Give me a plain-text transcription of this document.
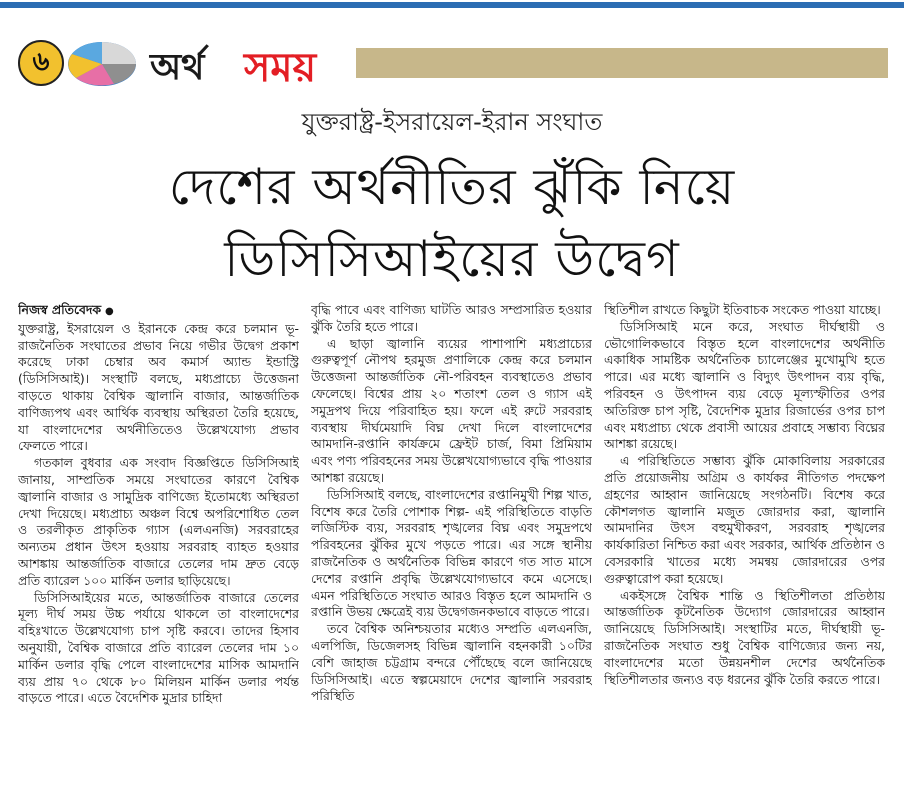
৬	অর্থ সময়
যুক্তরাষ্ট্র-ইসরায়েল-ইরান সংঘাত
দেশের অর্থনীতির ঝুঁকি নিয়ে
ডিসিসিআইয়ের উদ্বেগ
নিজস্ব প্রতিবেদক ●

যুক্তরাষ্ট্র, ইসরায়েল ও ইরানকে কেন্দ্র করে চলমান ভূ-রাজনৈতিক সংঘাতের প্রভাব নিয়ে গভীর উদ্বেগ প্রকাশ করেছে ঢাকা চেম্বার অব কমার্স অ্যান্ড ইন্ডাস্ট্রি (ডিসিসিআই)। সংস্থাটি বলছে, মধ্যপ্রাচ্যে উত্তেজনা বাড়তে থাকায় বৈশ্বিক জ্বালানি বাজার, আন্তর্জাতিক বাণিজ্যপথ এবং আর্থিক ব্যবস্থায় অস্থিরতা তৈরি হয়েছে, যা বাংলাদেশের অর্থনীতিতেও উল্লেখযোগ্য প্রভাব ফেলতে পারে।

গতকাল বুধবার এক সংবাদ বিজ্ঞপ্তিতে ডিসিসিআই জানায়, সাম্প্রতিক সময়ে সংঘাতের কারণে বৈশ্বিক জ্বালানি বাজার ও সামুদ্রিক বাণিজ্যে ইতোমধ্যে অস্থিরতা দেখা দিয়েছে। মধ্যপ্রাচ্য অঞ্চল বিশ্বে অপরিশোধিত তেল ও তরলীকৃত প্রাকৃতিক গ্যাস (এলএনজি) সরবরাহের অন্যতম প্রধান উৎস হওয়ায় সরবরাহ ব্যাহত হওয়ার আশঙ্কায় আন্তর্জাতিক বাজারে তেলের দাম দ্রুত বেড়ে প্রতি ব্যারেল ১০০ মার্কিন ডলার ছাড়িয়েছে।

ডিসিসিআইয়ের মতে, আন্তর্জাতিক বাজারে তেলের মূল্য দীর্ঘ সময় উচ্চ পর্যায়ে থাকলে তা বাংলাদেশের বহিঃখাতে উল্লেখযোগ্য চাপ সৃষ্টি করবে। তাদের হিসাব অনুযায়ী, বৈশ্বিক বাজারে প্রতি ব্যারেল তেলের দাম ১০ মার্কিন ডলার বৃদ্ধি পেলে বাংলাদেশের মাসিক আমদানি ব্যয় প্রায় ৭০ থেকে ৮০ মিলিয়ন মার্কিন ডলার পর্যন্ত বাড়তে পারে। এতে বৈদেশিক মুদ্রার চাহিদা

বৃদ্ধি পাবে এবং বাণিজ্য ঘাটতি আরও সম্প্রসারিত হওয়ার ঝুঁকি তৈরি হতে পারে।

এ ছাড়া জ্বালানি ব্যয়ের পাশাপাশি মধ্যপ্রাচ্যের গুরুত্বপূর্ণ নৌপথ হরমুজ প্রণালিকে কেন্দ্র করে চলমান উত্তেজনা আন্তর্জাতিক নৌ-পরিবহন ব্যবস্থাতেও প্রভাব ফেলেছে। বিশ্বের প্রায় ২০ শতাংশ তেল ও গ্যাস এই সমুদ্রপথ দিয়ে পরিবাহিত হয়। ফলে এই রুটে সরবরাহ ব্যবস্থায় দীর্ঘমেয়াদি বিঘ্ন দেখা দিলে বাংলাদেশের আমদানি-রপ্তানি কার্যক্রমে ফ্রেইট চার্জ, বিমা প্রিমিয়াম এবং পণ্য পরিবহনের সময় উল্লেখযোগ্যভাবে বৃদ্ধি পাওয়ার আশঙ্কা রয়েছে।

ডিসিসিআই বলছে, বাংলাদেশের রপ্তানিমুখী শিল্প খাত, বিশেষ করে তৈরি পোশাক শিল্প- এই পরিস্থিতিতে বাড়তি লজিস্টিক ব্যয়, সরবরাহ শৃঙ্খলের বিঘ্ন এবং সমুদ্রপথে পরিবহনের ঝুঁকির মুখে পড়তে পারে। এর সঙ্গে স্থানীয় রাজনৈতিক ও অর্থনৈতিক বিভিন্ন কারণে গত সাত মাসে দেশের রপ্তানি প্রবৃদ্ধি উল্লেখযোগ্যভাবে কমে এসেছে। এমন পরিস্থিতিতে সংঘাত আরও বিস্তৃত হলে আমদানি ও রপ্তানি উভয় ক্ষেত্রেই ব্যয় উদ্বেগজনকভাবে বাড়তে পারে।

তবে বৈশ্বিক অনিশ্চয়তার মধ্যেও সম্প্রতি এলএনজি, এলপিজি, ডিজেলসহ বিভিন্ন জ্বালানি বহনকারী ১০টির বেশি জাহাজ চট্টগ্রাম বন্দরে পৌঁছেছে বলে জানিয়েছে ডিসিসিআই। এতে স্বল্পমেয়াদে দেশের জ্বালানি সরবরাহ পরিস্থিতি

স্থিতিশীল রাখতে কিছুটা ইতিবাচক সংকেত পাওয়া যাচ্ছে।

ডিসিসিআই মনে করে, সংঘাত দীর্ঘস্থায়ী ও ভৌগোলিকভাবে বিস্তৃত হলে বাংলাদেশের অর্থনীতি একাধিক সামষ্টিক অর্থনৈতিক চ্যালেঞ্জের মুখোমুখি হতে পারে। এর মধ্যে জ্বালানি ও বিদ্যুৎ উৎপাদন ব্যয় বৃদ্ধি, পরিবহন ও উৎপাদন ব্যয় বেড়ে মূল্যস্ফীতির ওপর অতিরিক্ত চাপ সৃষ্টি, বৈদেশিক মুদ্রার রিজার্ভের ওপর চাপ এবং মধ্যপ্রাচ্য থেকে প্রবাসী আয়ের প্রবাহে সম্ভাব্য বিঘ্নের আশঙ্কা রয়েছে।

এ পরিস্থিতিতে সম্ভাব্য ঝুঁকি মোকাবিলায় সরকারের প্রতি প্রয়োজনীয় অগ্রিম ও কার্যকর নীতিগত পদক্ষেপ গ্রহণের আহ্বান জানিয়েছে সংগঠনটি। বিশেষ করে কৌশলগত জ্বালানি মজুত জোরদার করা, জ্বালানি আমদানির উৎস বহুমুখীকরণ, সরবরাহ শৃঙ্খলের কার্যকারিতা নিশ্চিত করা এবং সরকার, আর্থিক প্রতিষ্ঠান ও বেসরকারি খাতের মধ্যে সমন্বয় জোরদারের ওপর গুরুত্বারোপ করা হয়েছে।

একইসঙ্গে বৈশ্বিক শান্তি ও স্থিতিশীলতা প্রতিষ্ঠায় আন্তর্জাতিক কূটনৈতিক উদ্যোগ জোরদারের আহ্বান জানিয়েছে ডিসিসিআই। সংস্থাটির মতে, দীর্ঘস্থায়ী ভূ-রাজনৈতিক সংঘাত শুধু বৈশ্বিক বাণিজ্যের জন্য নয়, বাংলাদেশের মতো উন্নয়নশীল দেশের অর্থনৈতিক স্থিতিশীলতার জন্যও বড় ধরনের ঝুঁকি তৈরি করতে পারে।
